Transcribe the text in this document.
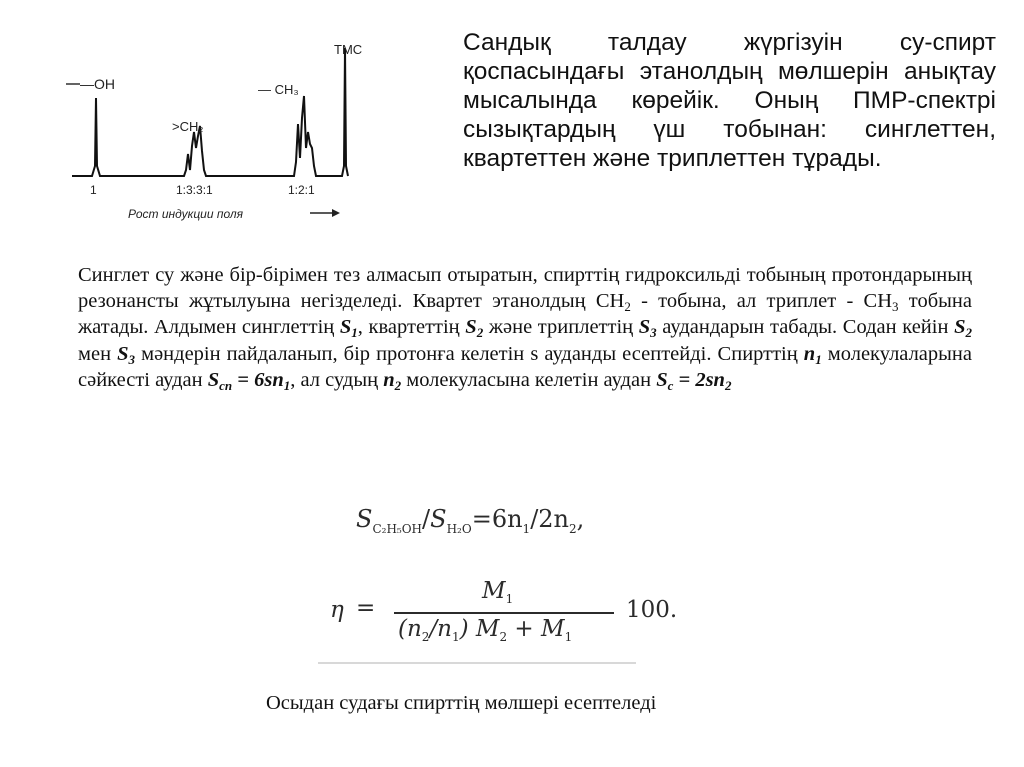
—OH
>CH₂
— CH₃
ТМС
1	1:3:3:1	1:2:1
Рост индукции поля

Сандық талдау жүргізуін су-спирт қоспасындағы этанолдың мөлшерін анықтау мысалында көрейік. Оның ПМР-спектрі сызықтардың үш тобынан: синглеттен, квартеттен және триплеттен тұрады.

Синглет су және бір-бірімен тез алмасып отыратын, спирттің гидроксильді тобының протондарының резонансты жұтылуына негізделеді. Квартет этанолдың $СН_2$ - тобына, ал триплет - $СН_3$ тобына жатады. Алдымен синглеттің $S_1$, квартеттің $S_2$ және триплеттің $S_3$ аудандарын табады. Содан кейін $S_2$ мен $S_3$ мәндерін пайдаланып, бір протонға келетін s ауданды есептейді. Спирттің $n_1$ молекулаларына сәйкесті аудан $S_{cn} = 6sn_1$, ал судың $n_2$ молекуласына келетін аудан $S_c = 2sn_2$

$S_{C_2H_5OH}/S_{H_2O}=6n_1/2n_2$,
η =
$M_1$
$(n_2/n_1) M_2 + M_1$
100.

Осыдан судағы спирттің мөлшері есептеледі
